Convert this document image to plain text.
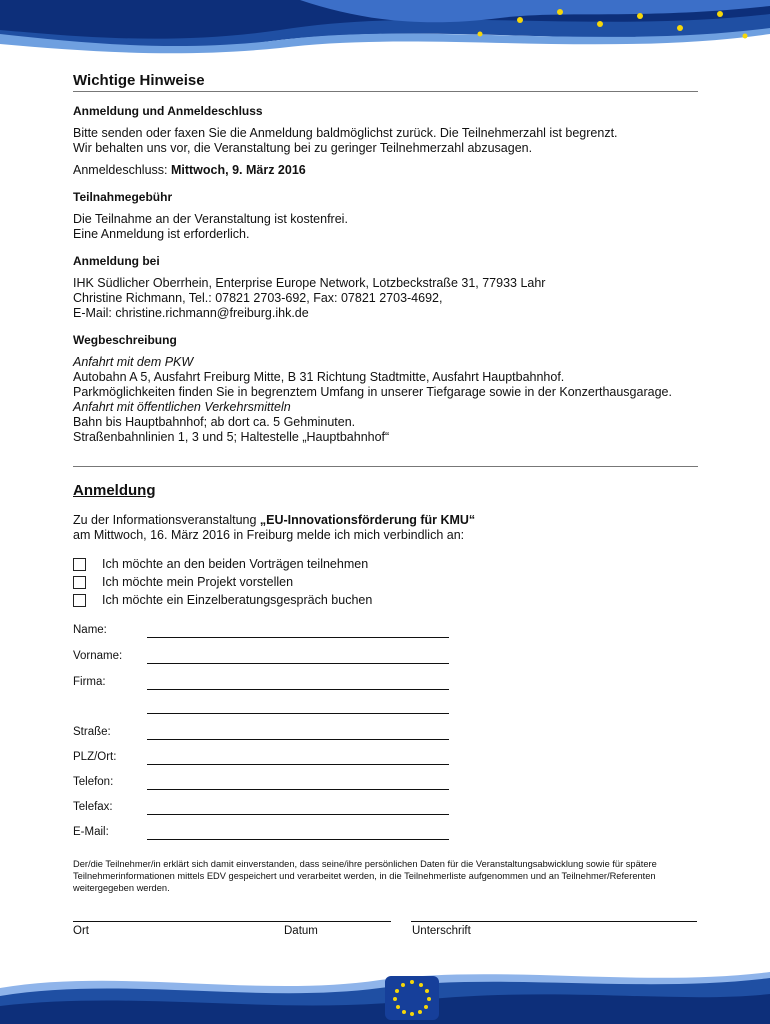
Wichtige Hinweise
Anmeldung und Anmeldeschluss

Bitte senden oder faxen Sie die Anmeldung baldmöglichst zurück. Die Teilnehmerzahl ist begrenzt.

Wir behalten uns vor, die Veranstaltung bei zu geringer Teilnehmerzahl abzusagen.

Anmeldeschluss: Mittwoch, 9. März 2016

Teilnahmegebühr

Die Teilnahme an der Veranstaltung ist kostenfrei.

Eine Anmeldung ist erforderlich.

Anmeldung bei

IHK Südlicher Oberrhein, Enterprise Europe Network, Lotzbeckstraße 31, 77933 Lahr

Christine Richmann, Tel.: 07821 2703-692, Fax: 07821 2703-4692,

E-Mail: christine.richmann@freiburg.ihk.de

Wegbeschreibung

Anfahrt mit dem PKW

Autobahn A 5, Ausfahrt Freiburg Mitte, B 31 Richtung Stadtmitte, Ausfahrt Hauptbahnhof.

Parkmöglichkeiten finden Sie in begrenztem Umfang in unserer Tiefgarage sowie in der Konzerthausgarage.

Anfahrt mit öffentlichen Verkehrsmitteln

Bahn bis Hauptbahnhof; ab dort ca. 5 Gehminuten.

Straßenbahnlinien 1, 3 und 5; Haltestelle „Hauptbahnhof“

Anmeldung

Zu der Informationsveranstaltung „EU-Innovationsförderung für KMU“

am Mittwoch, 16. März 2016 in Freiburg melde ich mich verbindlich an:

Ich möchte an den beiden Vorträgen teilnehmen
Ich möchte mein Projekt vorstellen
Ich möchte ein Einzelberatungsgespräch buchen
Name:
Vorname:
Firma:
Straße:
PLZ/Ort:
Telefon:
Telefax:
E-Mail:
Der/die Teilnehmer/in erklärt sich damit einverstanden, dass seine/ihre persönlichen Daten für die Veranstaltungsabwicklung sowie für spätere Teilnehmerinformationen mittels EDV gespeichert und verarbeitet werden, in die Teilnehmerliste aufgenommen und an Teilnehmer/Referenten weitergegeben werden.
Ort	Datum	Unterschrift
